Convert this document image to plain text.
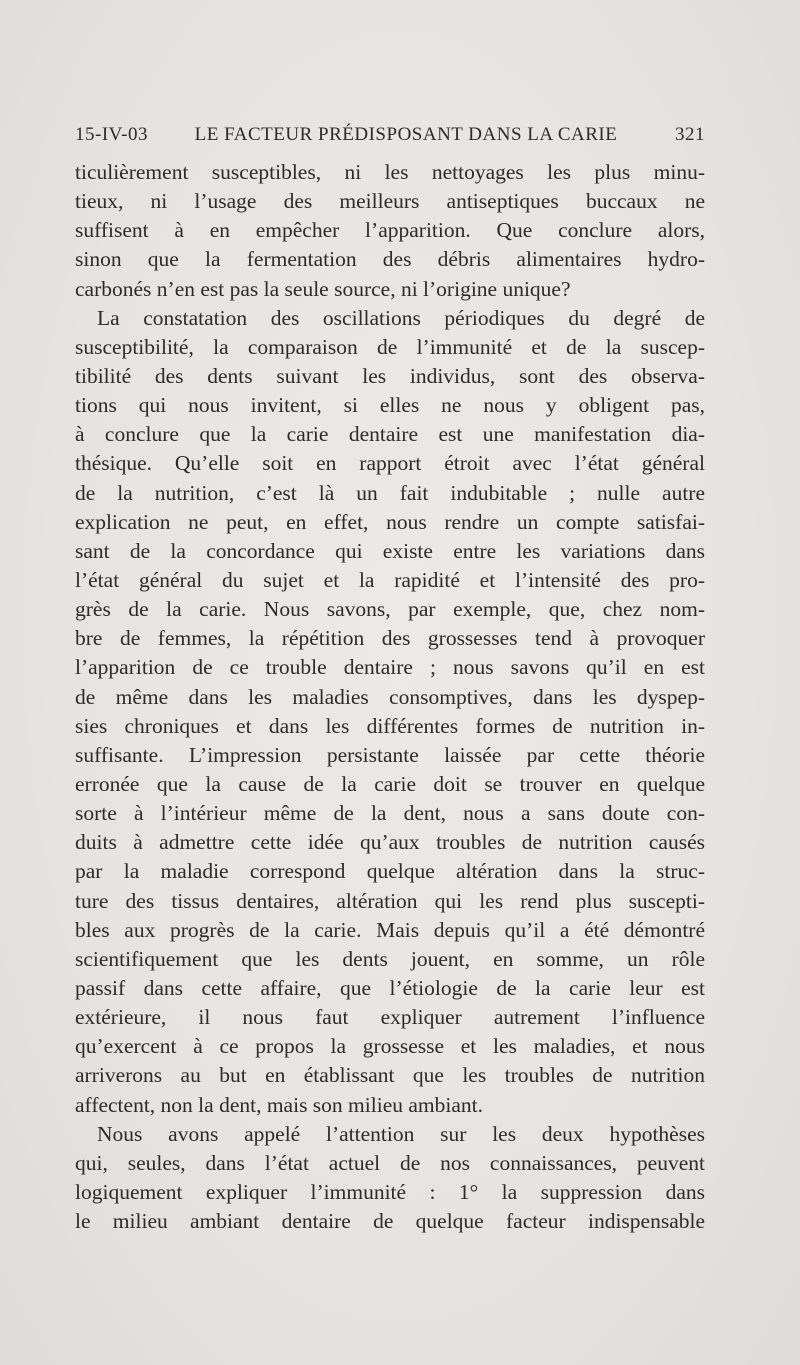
15-IV-03	LE FACTEUR PRÉDISPOSANT DANS LA CARIE	321
ticulièrement susceptibles, ni les nettoyages les plus minu-
tieux, ni l’usage des meilleurs antiseptiques buccaux ne
suffisent à en empêcher l’apparition. Que conclure alors,
sinon que la fermentation des débris alimentaires hydro-
carbonés n’en est pas la seule source, ni l’origine unique?
La constatation des oscillations périodiques du degré de
susceptibilité, la comparaison de l’immunité et de la suscep-
tibilité des dents suivant les individus, sont des observa-
tions qui nous invitent, si elles ne nous y obligent pas,
à conclure que la carie dentaire est une manifestation dia-
thésique. Qu’elle soit en rapport étroit avec l’état général
de la nutrition, c’est là un fait indubitable ; nulle autre
explication ne peut, en effet, nous rendre un compte satisfai-
sant de la concordance qui existe entre les variations dans
l’état général du sujet et la rapidité et l’intensité des pro-
grès de la carie. Nous savons, par exemple, que, chez nom-
bre de femmes, la répétition des grossesses tend à provoquer
l’apparition de ce trouble dentaire ; nous savons qu’il en est
de même dans les maladies consomptives, dans les dyspep-
sies chroniques et dans les différentes formes de nutrition in-
suffisante. L’impression persistante laissée par cette théorie
erronée que la cause de la carie doit se trouver en quelque
sorte à l’intérieur même de la dent, nous a sans doute con-
duits à admettre cette idée qu’aux troubles de nutrition causés
par la maladie correspond quelque altération dans la struc-
ture des tissus dentaires, altération qui les rend plus suscepti-
bles aux progrès de la carie. Mais depuis qu’il a été démontré
scientifiquement que les dents jouent, en somme, un rôle
passif dans cette affaire, que l’étiologie de la carie leur est
extérieure, il nous faut expliquer autrement l’influence
qu’exercent à ce propos la grossesse et les maladies, et nous
arriverons au but en établissant que les troubles de nutrition
affectent, non la dent, mais son milieu ambiant.
Nous avons appelé l’attention sur les deux hypothèses
qui, seules, dans l’état actuel de nos connaissances, peuvent
logiquement expliquer l’immunité : 1° la suppression dans
le milieu ambiant dentaire de quelque facteur indispensable
